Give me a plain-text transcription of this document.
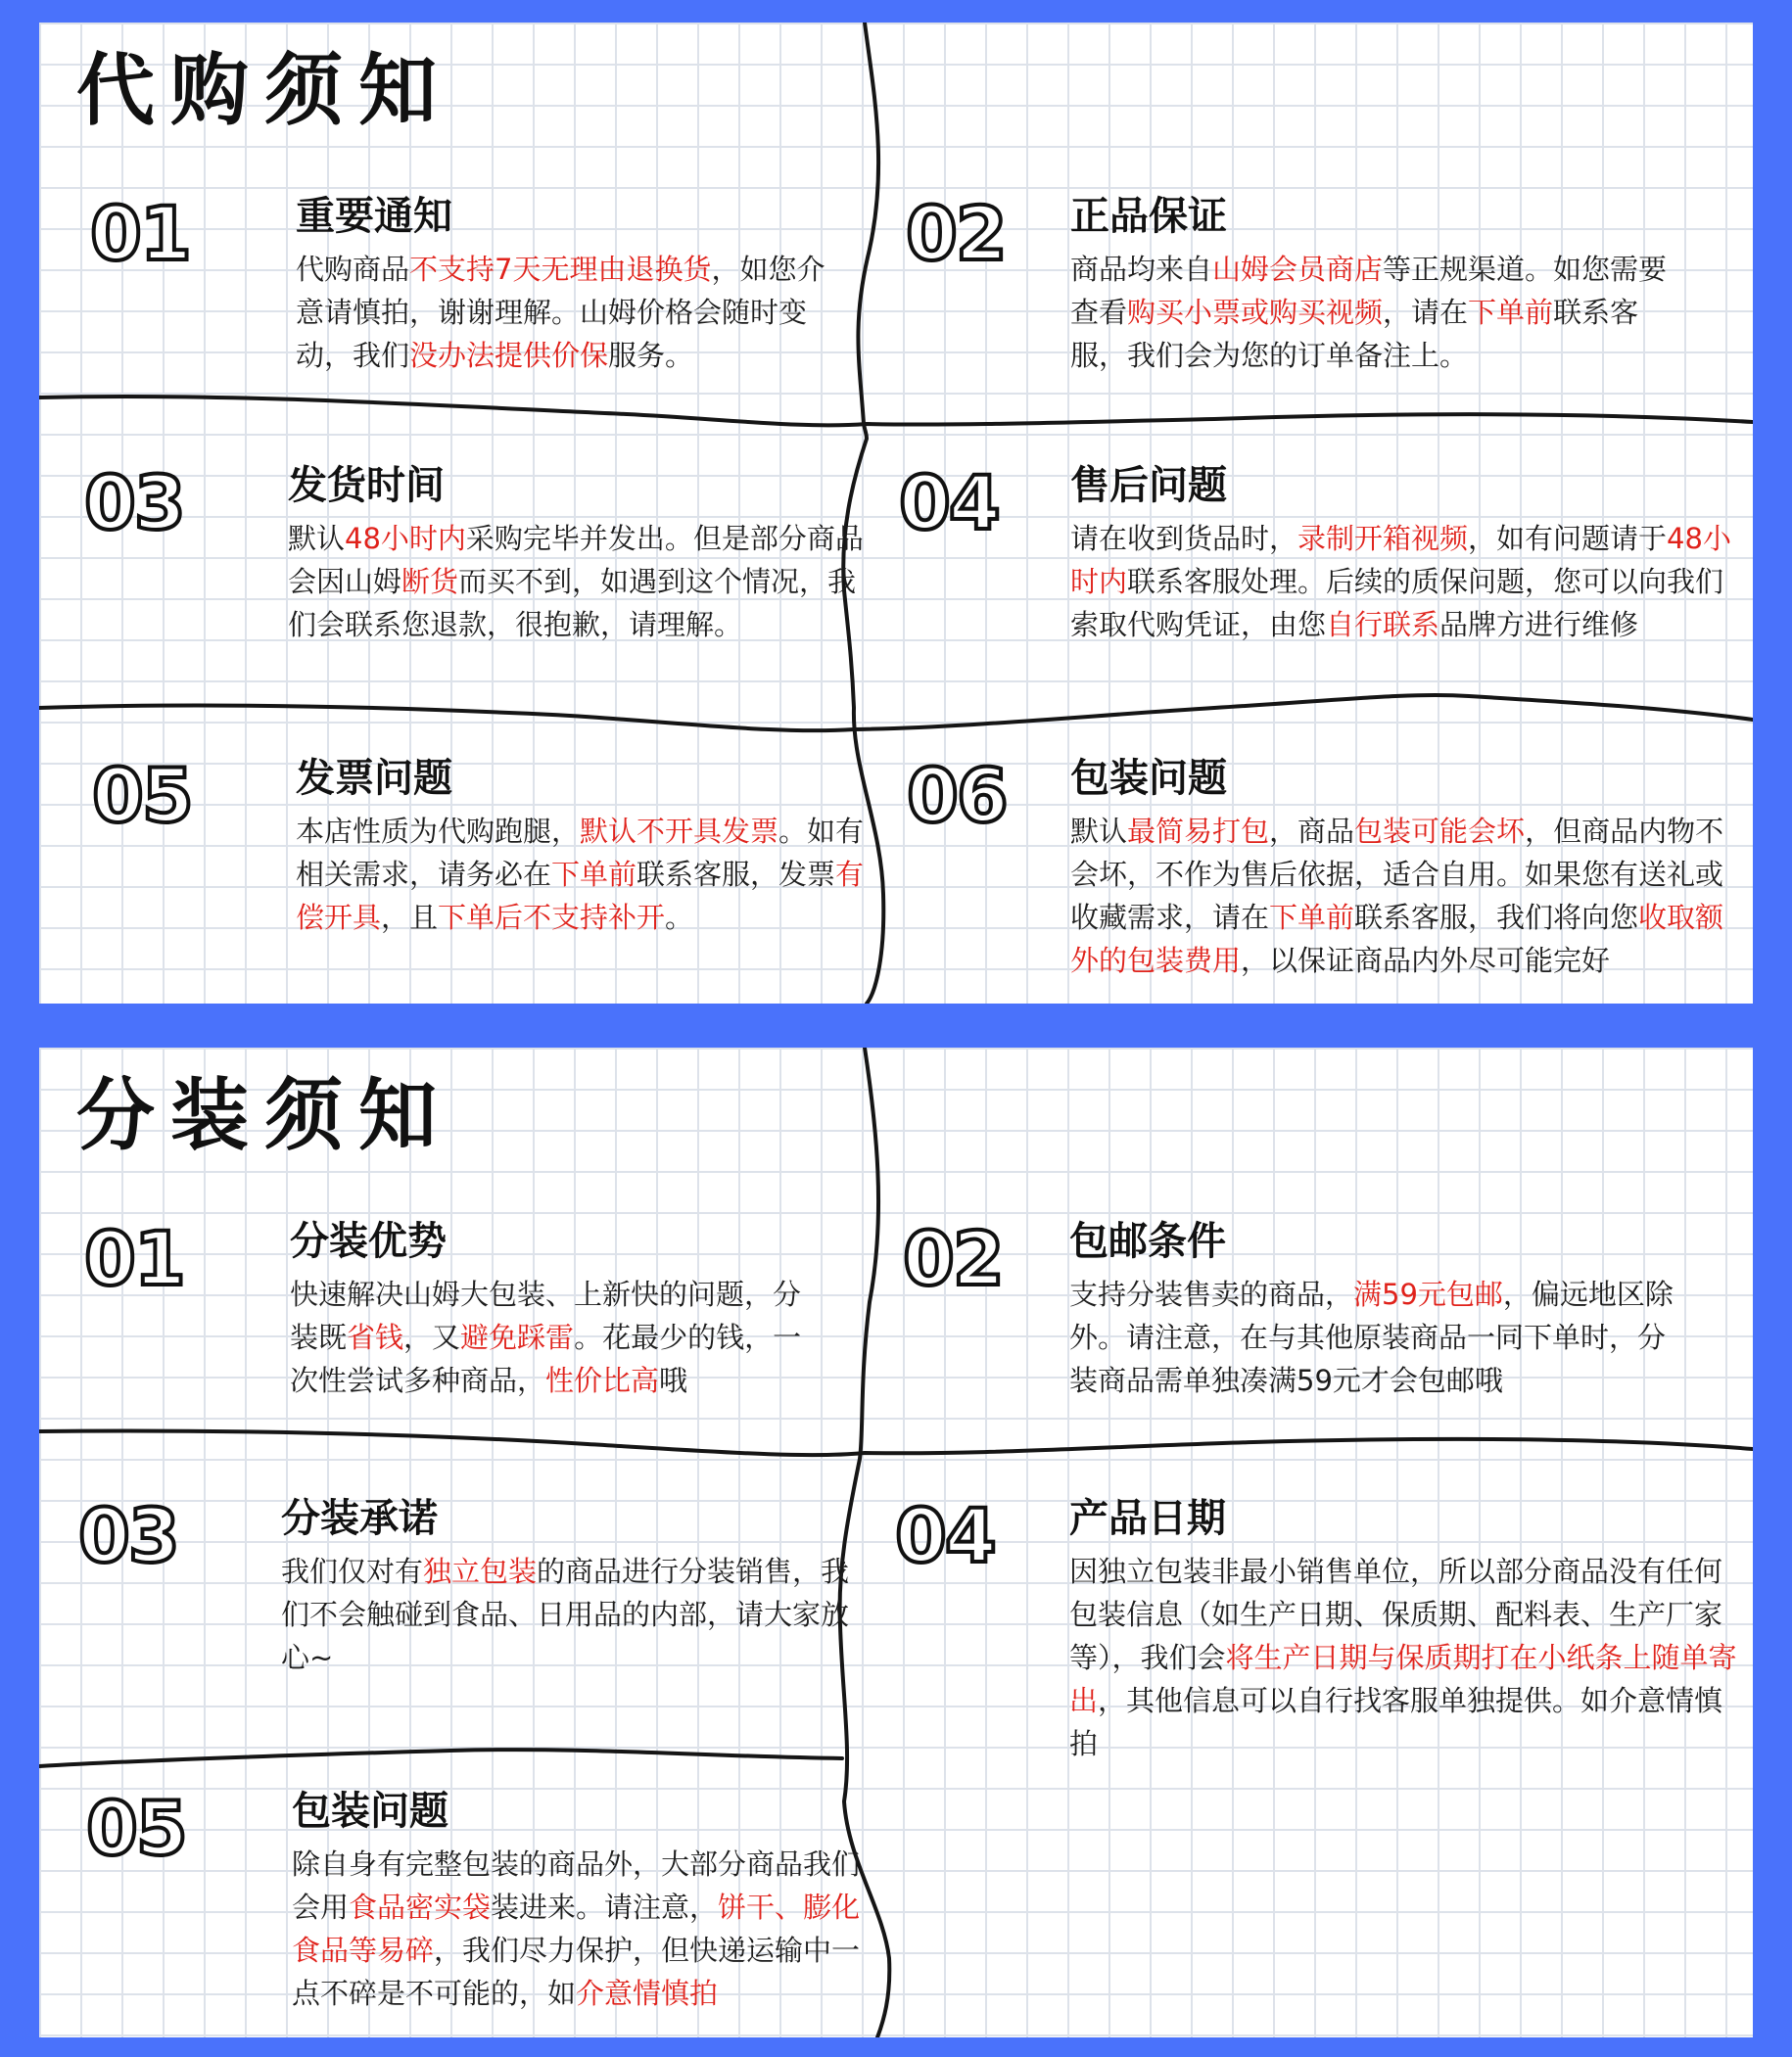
代购须知
01	重要通知
代购商品不支持7天无理由退换货，如您介意请慎拍，谢谢理解。山姆价格会随时变动，我们没办法提供价保服务。
02 正品保证
商品均来自山姆会员商店等正规渠道。如您需要查看购买小票或购买视频，请在下单前联系客服，我们会为您的订单备注上。
03	发货时间
默认48小时内采购完毕并发出。但是部分商品会因山姆断货而买不到，如遇到这个情况，我们会联系您退款，很抱歉，请理解。
04 售后问题
请在收到货品时，录制开箱视频，如有问题请于48小时内联系客服处理。后续的质保问题，您可以向我们索取代购凭证，由您自行联系品牌方进行维修
05	发票问题
本店性质为代购跑腿，默认不开具发票。如有相关需求，请务必在下单前联系客服，发票有偿开具，且下单后不支持补开。
06 包装问题
默认最简易打包，商品包装可能会坏，但商品内物不会坏，不作为售后依据，适合自用。如果您有送礼或收藏需求，请在下单前联系客服，我们将向您收取额外的包装费用，以保证商品内外尽可能完好
分装须知
01	分装优势
快速解决山姆大包装、上新快的问题，分装既省钱，又避免踩雷。花最少的钱，一次性尝试多种商品，性价比高哦
02 包邮条件
支持分装售卖的商品，满59元包邮，偏远地区除外。请注意，在与其他原装商品一同下单时，分装商品需单独凑满59元才会包邮哦
03	分装承诺
我们仅对有独立包装的商品进行分装销售，我们不会触碰到食品、日用品的内部，请大家放心~
04 产品日期
因独立包装非最小销售单位，所以部分商品没有任何包装信息（如生产日期、保质期、配料表、生产厂家等），我们会将生产日期与保质期打在小纸条上随单寄出，其他信息可以自行找客服单独提供。如介意情慎拍
05	包装问题
除自身有完整包装的商品外，大部分商品我们会用食品密实袋装进来。请注意，饼干、膨化食品等易碎，我们尽力保护，但快递运输中一点不碎是不可能的，如介意情慎拍
